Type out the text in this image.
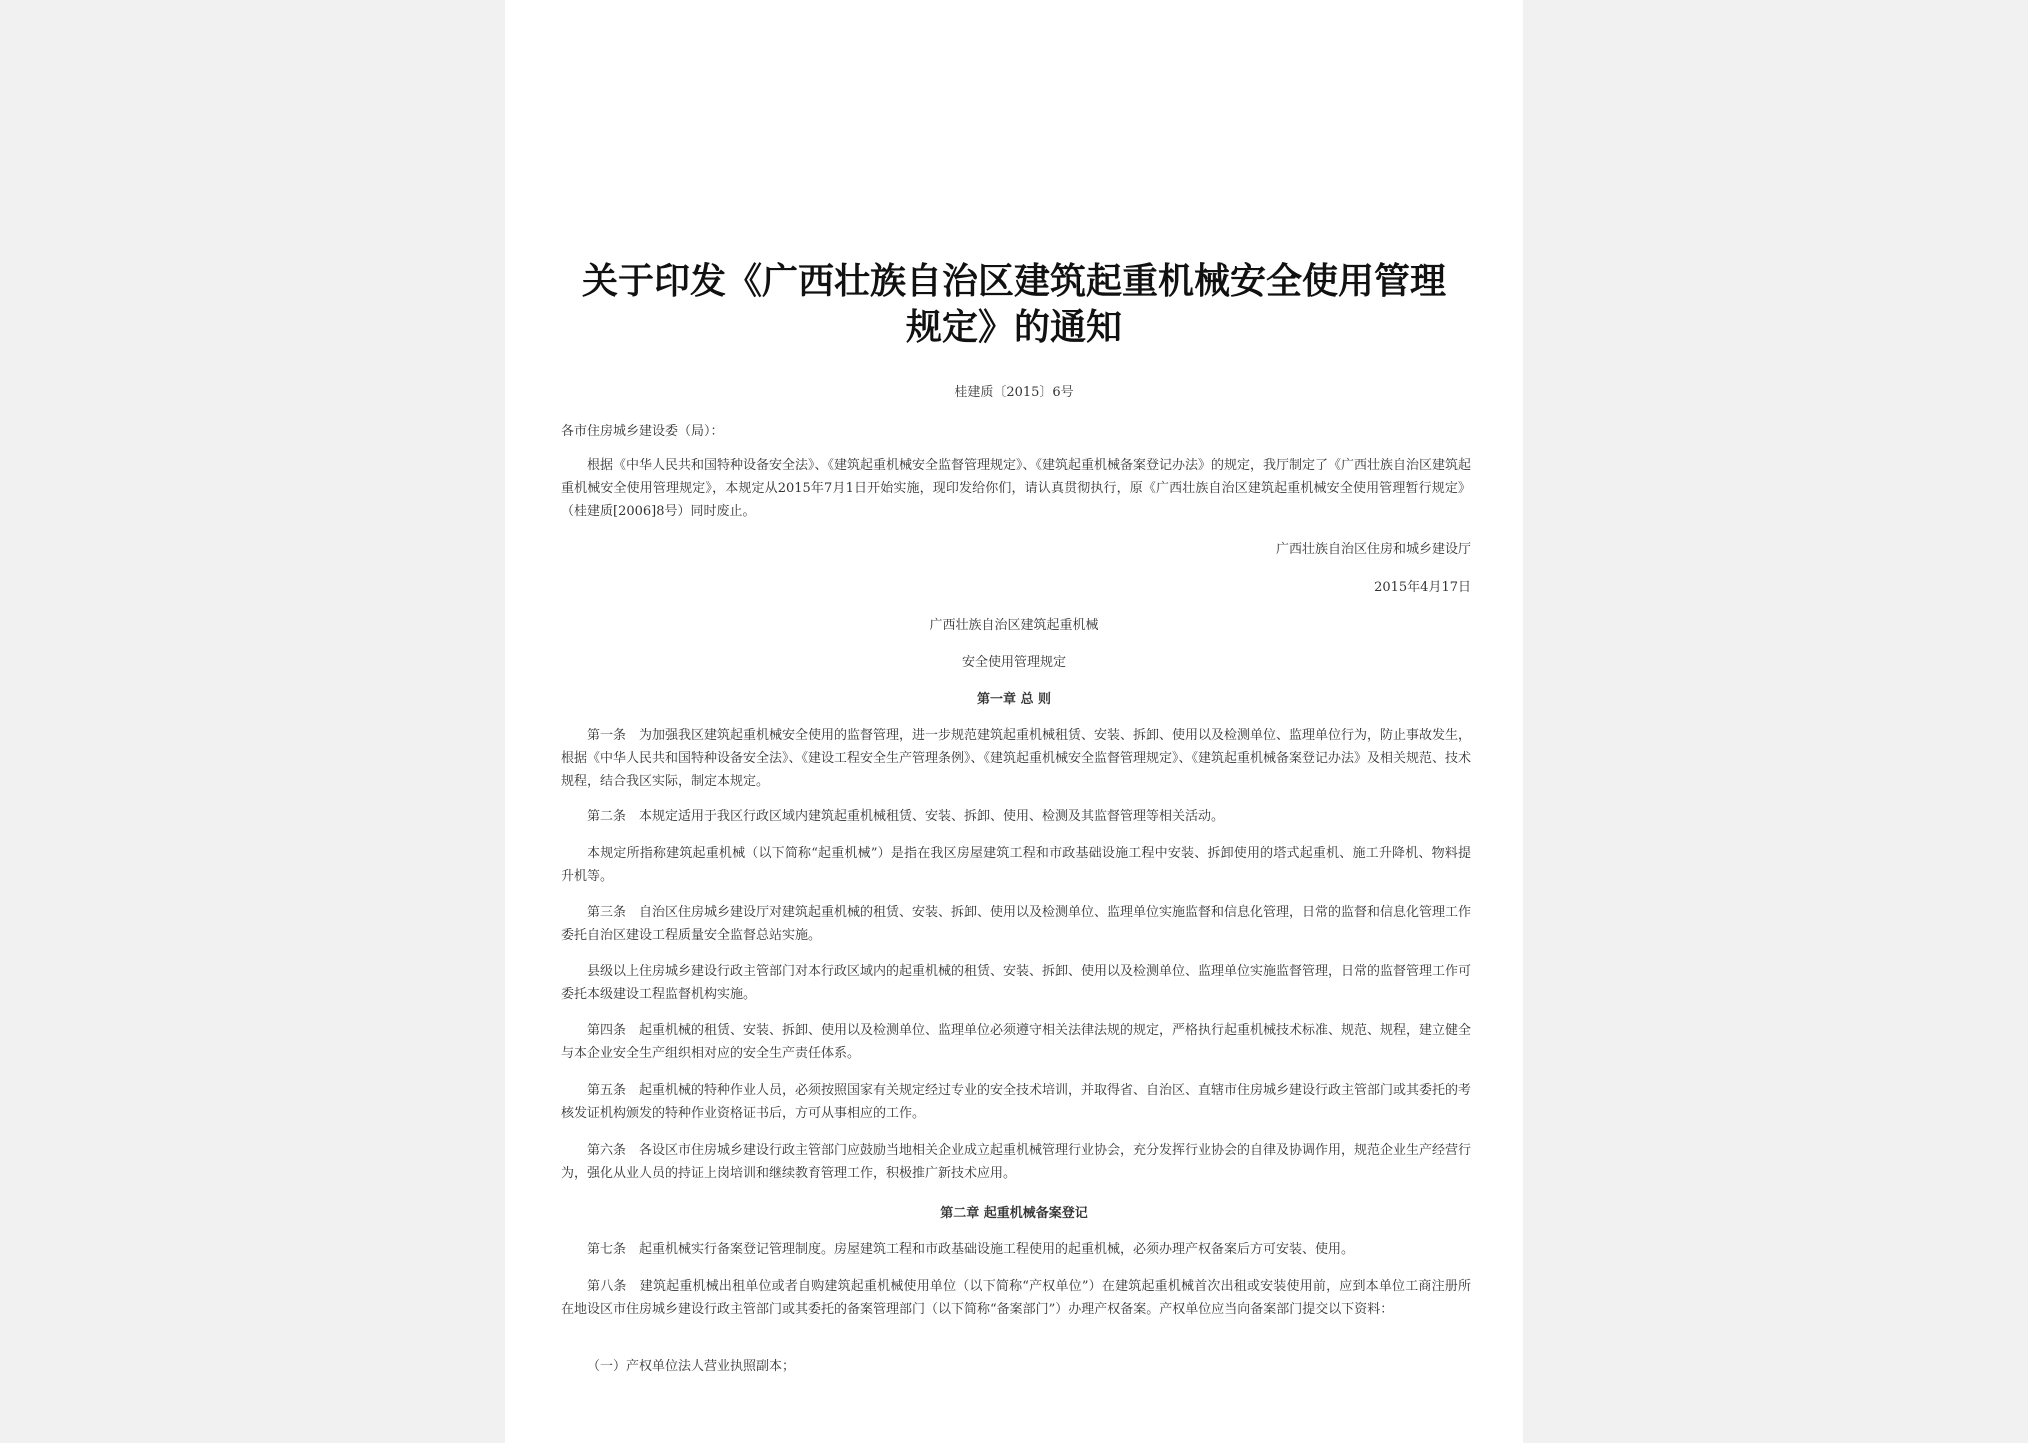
关于印发《广西壮族自治区建筑起重机械安全使用管理
规定》的通知
桂建质〔2015〕6号
各市住房城乡建设委（局）：
根据《中华人民共和国特种设备安全法》、《建筑起重机械安全监督管理规定》、《建筑起重机械备案登记办法》的规定，我厅制定了《广西壮族自治区建筑起重机械安全使用管理规定》，本规定从2015年7月1日开始实施，现印发给你们，请认真贯彻执行，原《广西壮族自治区建筑起重机械安全使用管理暂行规定》（桂建质[2006]8号）同时废止。
广西壮族自治区住房和城乡建设厅
2015年4月17日
广西壮族自治区建筑起重机械
安全使用管理规定
第一章 总 则
第一条　为加强我区建筑起重机械安全使用的监督管理，进一步规范建筑起重机械租赁、安装、拆卸、使用以及检测单位、监理单位行为，防止事故发生，根据《中华人民共和国特种设备安全法》、《建设工程安全生产管理条例》、《建筑起重机械安全监督管理规定》、《建筑起重机械备案登记办法》及相关规范、技术规程，结合我区实际，制定本规定。
第二条　本规定适用于我区行政区域内建筑起重机械租赁、安装、拆卸、使用、检测及其监督管理等相关活动。
本规定所指称建筑起重机械（以下简称“起重机械”）是指在我区房屋建筑工程和市政基础设施工程中安装、拆卸使用的塔式起重机、施工升降机、物料提升机等。
第三条　自治区住房城乡建设厅对建筑起重机械的租赁、安装、拆卸、使用以及检测单位、监理单位实施监督和信息化管理，日常的监督和信息化管理工作委托自治区建设工程质量安全监督总站实施。
县级以上住房城乡建设行政主管部门对本行政区域内的起重机械的租赁、安装、拆卸、使用以及检测单位、监理单位实施监督管理，日常的监督管理工作可委托本级建设工程监督机构实施。
第四条　起重机械的租赁、安装、拆卸、使用以及检测单位、监理单位必须遵守相关法律法规的规定，严格执行起重机械技术标准、规范、规程，建立健全与本企业安全生产组织相对应的安全生产责任体系。
第五条　起重机械的特种作业人员，必须按照国家有关规定经过专业的安全技术培训，并取得省、自治区、直辖市住房城乡建设行政主管部门或其委托的考核发证机构颁发的特种作业资格证书后，方可从事相应的工作。
第六条　各设区市住房城乡建设行政主管部门应鼓励当地相关企业成立起重机械管理行业协会，充分发挥行业协会的自律及协调作用，规范企业生产经营行为，强化从业人员的持证上岗培训和继续教育管理工作，积极推广新技术应用。
第二章 起重机械备案登记
第七条　起重机械实行备案登记管理制度。房屋建筑工程和市政基础设施工程使用的起重机械，必须办理产权备案后方可安装、使用。
第八条　建筑起重机械出租单位或者自购建筑起重机械使用单位（以下简称“产权单位”）在建筑起重机械首次出租或安装使用前，应到本单位工商注册所在地设区市住房城乡建设行政主管部门或其委托的备案管理部门（以下简称“备案部门”）办理产权备案。产权单位应当向备案部门提交以下资料：
（一）产权单位法人营业执照副本；
